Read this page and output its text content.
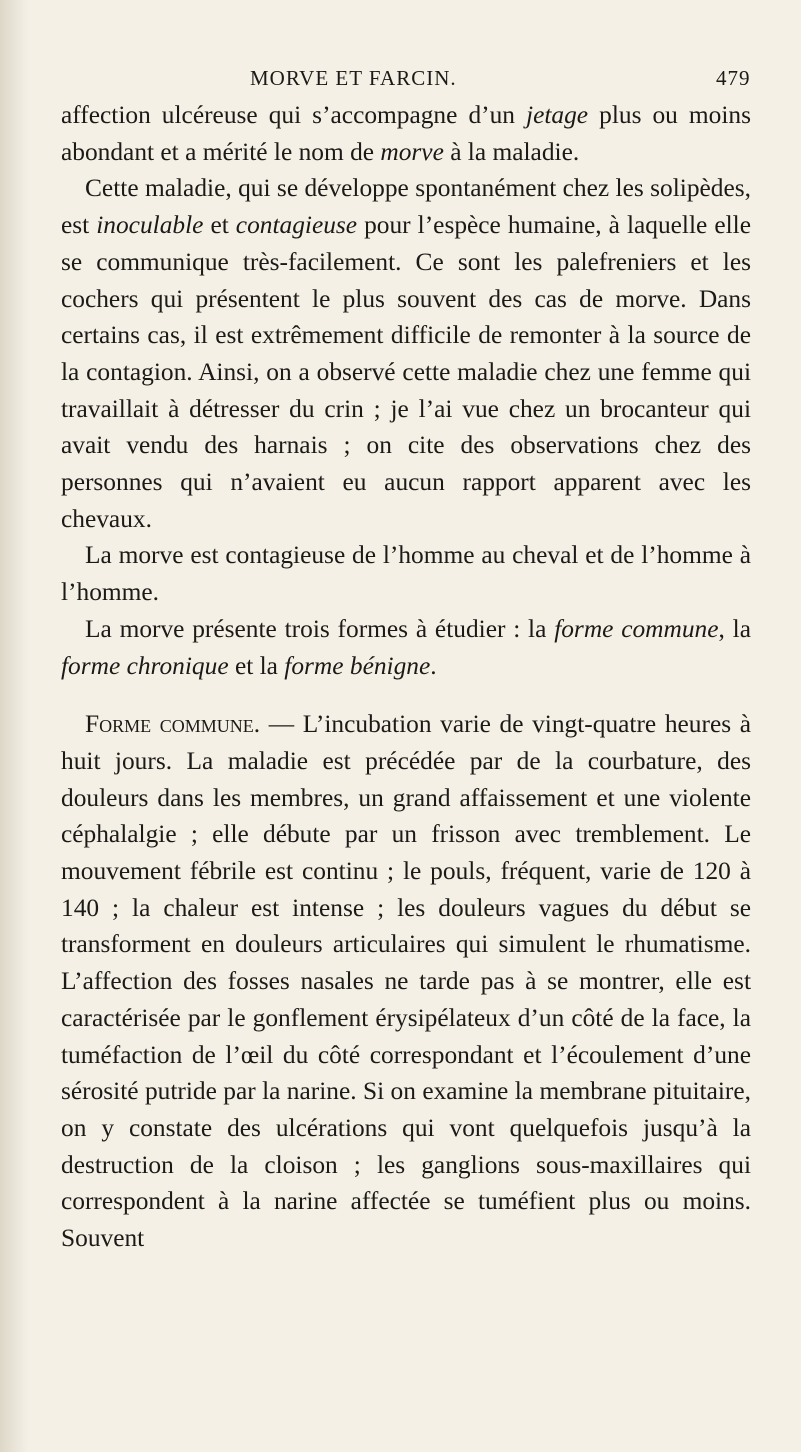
MORVE ET FARCIN.	479

affection ulcéreuse qui s’accompagne d’un jetage plus ou moins abondant et a mérité le nom de morve à la maladie.

Cette maladie, qui se développe spontanément chez les solipèdes, est inoculable et contagieuse pour l’espèce humaine, à laquelle elle se communique très-facilement. Ce sont les palefreniers et les cochers qui présentent le plus souvent des cas de morve. Dans certains cas, il est extrêmement difficile de remonter à la source de la contagion. Ainsi, on a observé cette maladie chez une femme qui travaillait à détresser du crin ; je l’ai vue chez un brocanteur qui avait vendu des harnais ; on cite des observations chez des personnes qui n’avaient eu aucun rapport apparent avec les chevaux.

La morve est contagieuse de l’homme au cheval et de l’homme à l’homme.

La morve présente trois formes à étudier : la forme commune, la forme chronique et la forme bénigne.

Forme commune. — L’incubation varie de vingt-quatre heures à huit jours. La maladie est précédée par de la courbature, des douleurs dans les membres, un grand affaissement et une violente céphalalgie ; elle débute par un frisson avec tremblement. Le mouvement fébrile est continu ; le pouls, fréquent, varie de 120 à 140 ; la chaleur est intense ; les douleurs vagues du début se transforment en douleurs articulaires qui simulent le rhumatisme. L’affection des fosses nasales ne tarde pas à se montrer, elle est caractérisée par le gonflement érysipélateux d’un côté de la face, la tuméfaction de l’œil du côté correspondant et l’écoulement d’une sérosité putride par la narine. Si on examine la membrane pituitaire, on y constate des ulcérations qui vont quelquefois jusqu’à la destruction de la cloison ; les ganglions sous-maxillaires qui correspondent à la narine affectée se tuméfient plus ou moins. Souvent
